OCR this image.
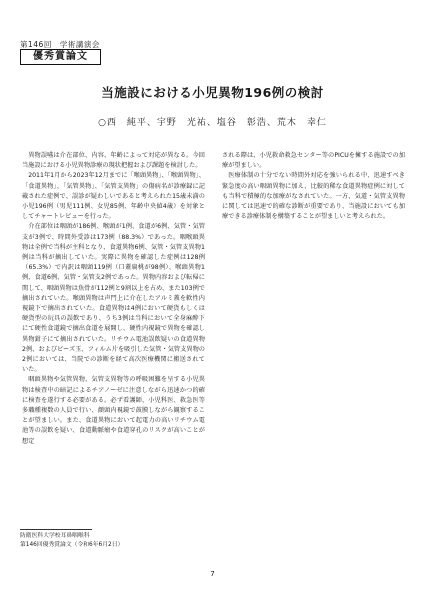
第146回　学術講演会
優秀賞論文
当施設における小児異物196例の検討
○西　純平、宇野　光祐、塩谷　彰浩、荒木　幸仁

異物誤嚥は介在部位、内容、年齢によって対応が異なる。今回当施設における小児異物診療の現状把握および課題を検討した。

2011年1月から2023年12月までに「喉頭異物」、「喉頭異物」、「食道異物」、「気管異物」、「気管支異物」の傷病名が診療録に記載された症例で、誤診が疑わしいであると考えられた15歳未満の小児196例（男児111例、女児85例、年齢中央値4歳）を対象としてチャートレビューを行った。

介在部位は咽頭が186例、喉頭が1例、食道が6例、気管・気管支が3例で、時間外受診は173例（88.3%）であった。咽喉頭異物は全例で当科が主科となり、食道異物6例、気管・気管支異物1例は当科が摘出していた。実際に異物を確認した症例は128例（65.3%）で内訳は咽頭119例（口蓋扁桃が98例）、喉頭異物1例、食道6例、気管・気管支2例であった。異物内容および転帰に関して、咽頭異物は魚骨が112例と9割以上を占め、また103例で摘出されていた。喉頭異物は声門上に介在したアルミ蓋を軟性内視鏡下で摘出されていた。食道異物は4例において硬貨もしくは硬貨型の玩具の誤飲であり、うち3例は当科において全身麻酔下にて硬性食道鏡で摘出食道を展開し、硬性内視鏡で異物を確認し異物鉗子にて摘出されていた。リチウム電池誤飲疑いの食道異物2例、およびビーズ玉、フィルム片を吸引した気管・気管支異物の2例においては、当院での診断を経て高次医療機関に搬送されていた。

咽頭異物や気管異物、気管支異物等の呼吸困難を呈する小児異物は検査中の暗記によるチアノーゼに注意しながら迅速かつ的確に検査を遂行する必要がある。必ず看護師、小児科医、救急医等多職種複数の人員で行い、顔頭内視鏡で鼓膜しながら観察することが望ましい。また、食道異物において起電力の高いリチウム電池等の誤飲を疑い、食道動脈瘤や食道穿孔のリスクが高いことが想定

される際は、小児救命救急センター等のPICUを擁する施設での加療が望ましい。

医療体制の十分でない時間外対応を強いられる中、迅速すべき緊急度の高い咽頭異物に加え、比較的稀な食道異物症例に対しても当科で積極的な加療がなされていた。一方、気道・気管支異物に関しては迅速で的確な診断が重要であり、当施設においても加療できる診療体制を構築することが望ましいと考えられた。

防衛医科大学校耳鼻咽喉科
第146回優秀賞論文（令和6年6月2日）
7
